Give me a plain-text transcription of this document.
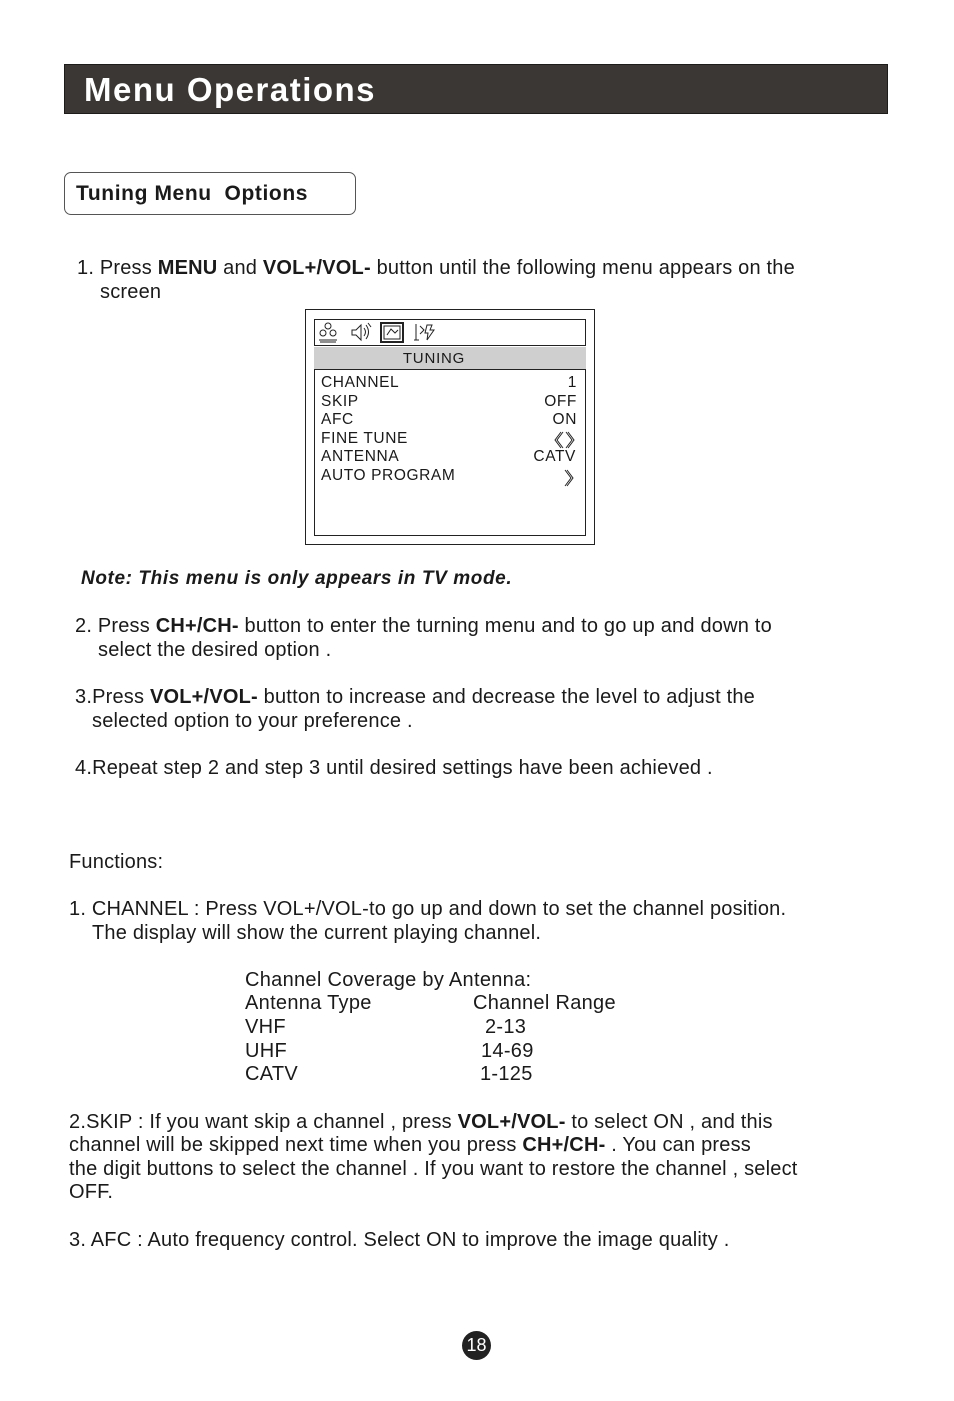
Menu Operations
Tuning Menu  Options
1. Press MENU and VOL+/VOL- button until the following menu appears on the
screen
TUNING
CHANNEL	1
SKIP	OFF
AFC	ON
FINE TUNE
ANTENNA	CATV
AUTO PROGRAM
Note: This menu is only appears in TV mode.
2. Press CH+/CH- button to enter the turning menu and to go up and down to
select the desired option .
3.Press VOL+/VOL- button to increase and decrease the level to adjust the
selected option to your preference .
4.Repeat step 2 and step 3 until desired settings have been achieved .
Functions:
1. CHANNEL : Press VOL+/VOL-to go up and down to set the channel position.
The display will show the current playing channel.
Channel Coverage by Antenna:
Antenna Type	Channel Range
VHF	2-13
UHF	14-69
CATV	1-125
2.SKIP : If you want skip a channel , press VOL+/VOL- to select ON , and this
channel will be skipped next time when you press CH+/CH- . You can press
the digit buttons to select the channel . If you want to restore the channel , select
OFF.
3. AFC : Auto frequency control. Select ON to improve the image quality .
18
